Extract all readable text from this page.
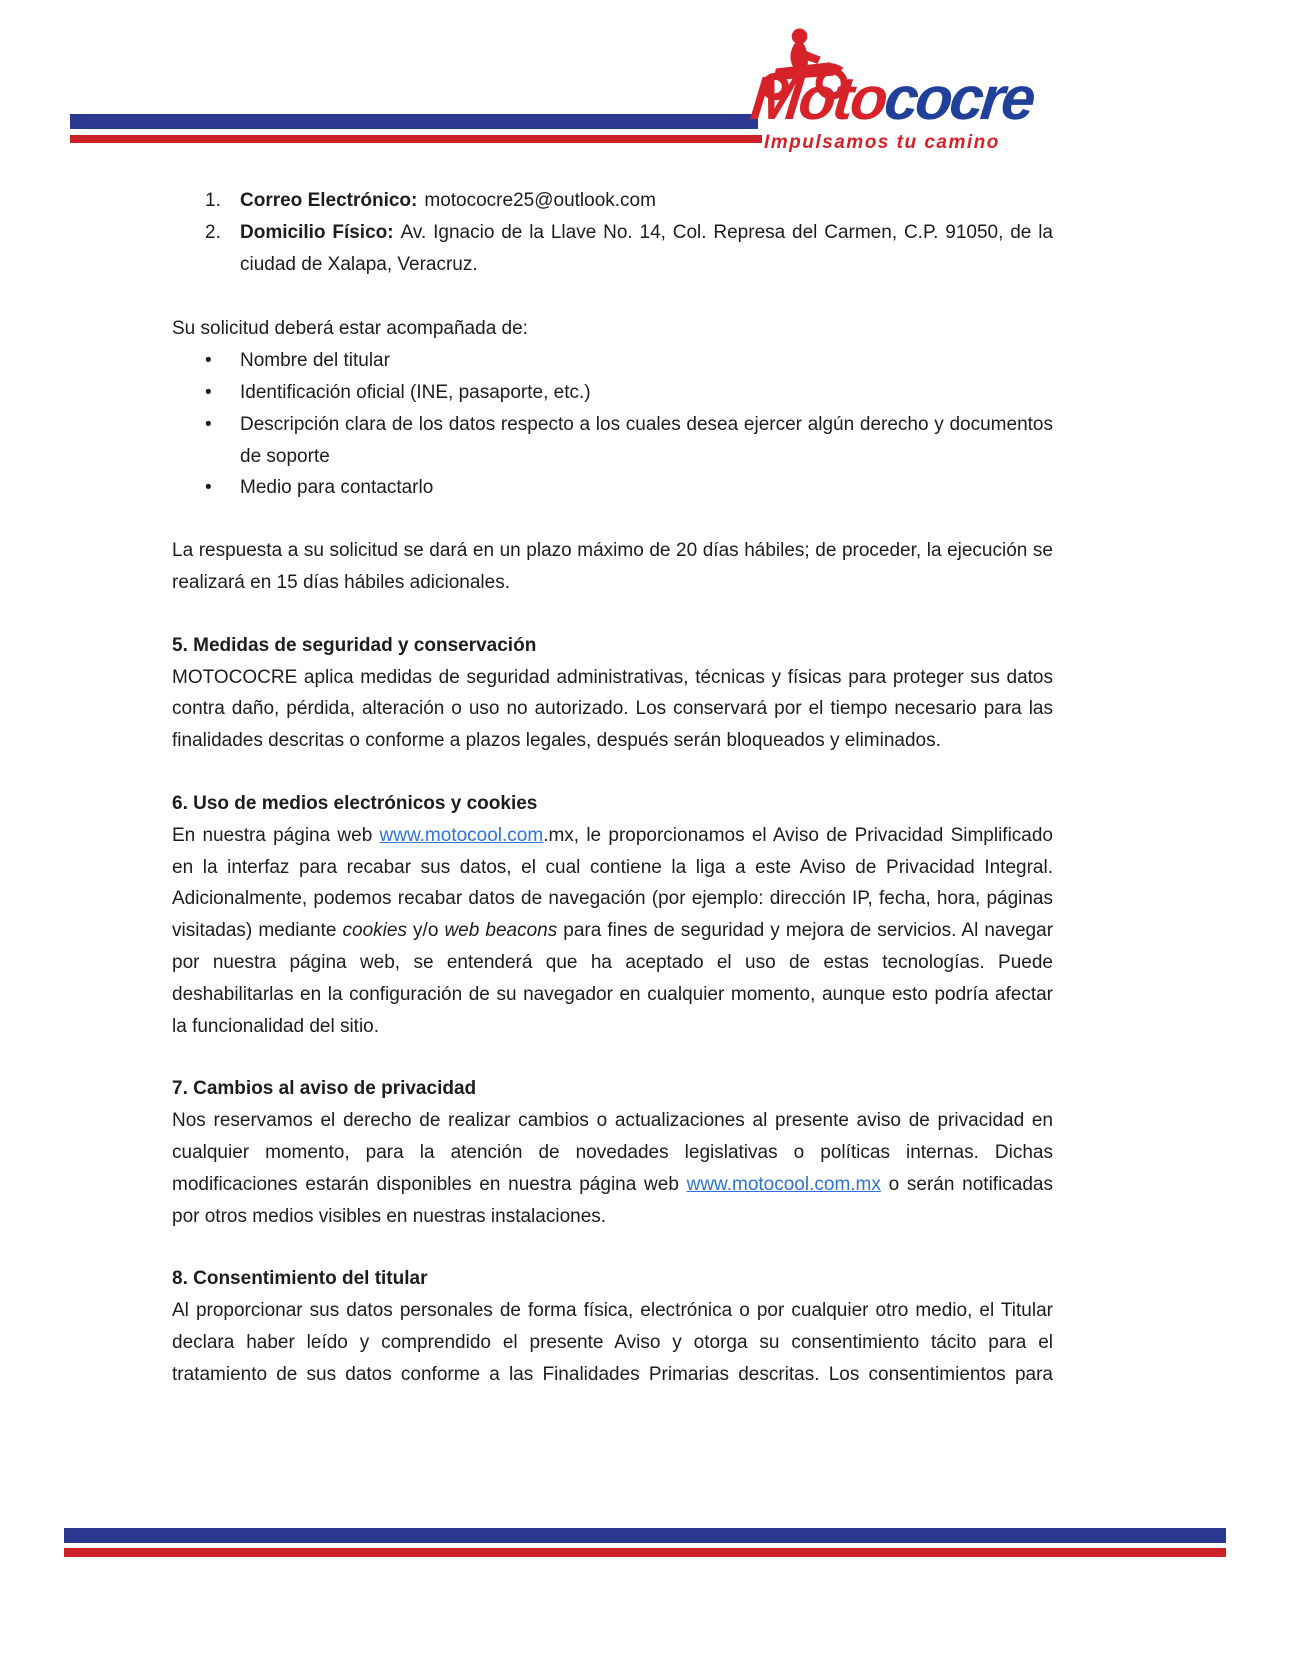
Motococre
Impulsamos tu camino
1. Correo Electrónico: motococre25@outlook.com
2. Domicilio Físico: Av. Ignacio de la Llave No. 14, Col. Represa del Carmen, C.P. 91050, de la ciudad de Xalapa, Veracruz.

Su solicitud deberá estar acompañada de:

• Nombre del titular
• Identificación oficial (INE, pasaporte, etc.)
• Descripción clara de los datos respecto a los cuales desea ejercer algún derecho y documentos de soporte
• Medio para contactarlo

La respuesta a su solicitud se dará en un plazo máximo de 20 días hábiles; de proceder, la ejecución se realizará en 15 días hábiles adicionales.

5. Medidas de seguridad y conservación

MOTOCOCRE aplica medidas de seguridad administrativas, técnicas y físicas para proteger sus datos contra daño, pérdida, alteración o uso no autorizado. Los conservará por el tiempo necesario para las finalidades descritas o conforme a plazos legales, después serán bloqueados y eliminados.

6. Uso de medios electrónicos y cookies

En nuestra página web www.motocool.com.mx, le proporcionamos el Aviso de Privacidad Simplificado en la interfaz para recabar sus datos, el cual contiene la liga a este Aviso de Privacidad Integral. Adicionalmente, podemos recabar datos de navegación (por ejemplo: dirección IP, fecha, hora, páginas visitadas) mediante cookies y/o web beacons para fines de seguridad y mejora de servicios. Al navegar por nuestra página web, se entenderá que ha aceptado el uso de estas tecnologías. Puede deshabilitarlas en la configuración de su navegador en cualquier momento, aunque esto podría afectar la funcionalidad del sitio.

7. Cambios al aviso de privacidad

Nos reservamos el derecho de realizar cambios o actualizaciones al presente aviso de privacidad en cualquier momento, para la atención de novedades legislativas o políticas internas. Dichas modificaciones estarán disponibles en nuestra página web www.motocool.com.mx o serán notificadas por otros medios visibles en nuestras instalaciones.

8. Consentimiento del titular

Al proporcionar sus datos personales de forma física, electrónica o por cualquier otro medio, el Titular declara haber leído y comprendido el presente Aviso y otorga su consentimiento tácito para el tratamiento de sus datos conforme a las Finalidades Primarias descritas. Los consentimientos para
